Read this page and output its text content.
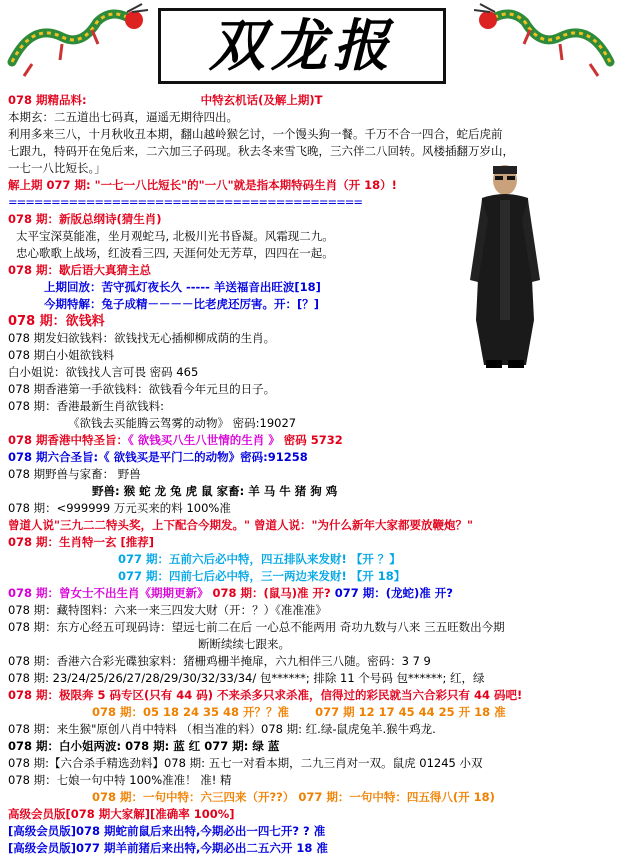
双龙报
078 期精品料:	中特玄机话(及解上期)T
本期玄：二五道出七码真，逼遥无期待四出。
利用多来三八，十月秋收丑本期，翻山越岭猴乞讨，一个馒头狗一餐。千万不合一四合，蛇后虎前
七跟九，特码开在兔后来，二六加三子码现。秋去冬来雪飞晚，三六伴二八回转。风楼插翻万岁山，
一七一八比短长。」
解上期 077 期: "一七一八比短长"的"一八"就是指本期特码生肖（开 18）!
=========================================
078 期：新版总纲诗(猜生肖)
太平宝深莫能准，坐月观蛇马, 北极川光书昏凝。风霜现二九。
忠心歌歌上战场，红波看三四, 天涯何处无芳草，四四在一起。
078 期：歇后语大真猜主总
上期回放：苦守孤灯夜长久 ----- 羊送福音出旺波[18]
今期特解：兔子成精－－－－比老虎还厉害。开：[？]
078 期：欲钱料
078 期发妇欲钱料：欲钱找无心插柳柳成荫的生肖。
078 期白小姐欲钱料
白小姐说：欲钱找人言可畏 密码 465
078 期香港第一手欲钱料：欲钱看今年元旦的日子。
078 期：香港最新生肖欲钱料:
《欲钱去买能腾云驾雾的动物》 密码:19027
078 期香港中特圣旨：《 欲钱买八生八世情的生肖 》 密码 5732
078 期六合圣旨:《 欲钱买是平门二的动物》密码:91258
078 期野兽与家畜： 野兽
野兽: 猴 蛇 龙 兔 虎 鼠 家畜: 羊 马 牛 猪 狗 鸡
078 期：<999999 万元买来的料 100%准
曾道人说"三九二二特头奖，上下配合今期发。" 曾道人说："为什么新年大家都要放鞭炮？"
078 期：生肖特一玄 [推荐]
077 期：五前六后必中特，四五排队来发财! 【开 ？】
077 期：四前七后必中特，三一两边来发财! 【开 18】
078 期：曾女士不出生肖《期期更新》 078 期：(鼠马)准 开? 077 期：(龙蛇)准 开?
078 期：藏特图料：六来一来三四发大财（开：？）《准准准》
078 期：东方心经五可现码诗：望远七前二在后 一心总不能两用 奇功九数与八来 三五旺数出今期
断断续续七跟来。
078 期：香港六合彩光碟独家料：猪栅鸡栅半掩扉，六九相伴三八随。密码：3 7 9
078 期: 23/24/25/26/27/28/29/30/32/33/34/ 包******; 排除 11 个号码 包******; 红，绿
078 期：极限奔 5 码专区(只有 44 码) 不来杀多只求杀准，信得过的彩民就当六合彩只有 44 码吧!
078 期：05 18 24 35 48 开？？准 077 期 12 17 45 44 25 开 18 准
078 期：来生猴"原创八肖中特料 （相当准的料）078 期: 红.绿-鼠虎兔羊.猴牛鸡龙.
078 期：白小姐两波: 078 期: 蓝 红 077 期: 绿 蓝
078 期:【六合杀手精选劲料】078 期: 五七一对看本期，二九三肖对一双。鼠虎 01245 小双
078 期：七娘一句中特 100%准准！ 准! 精
078 期：一句中特：六三四来（开??） 077 期：一句中特：四五得八(开 18)
高级会员版[078 期大家解][准确率 100%]
[高级会员版]078 期蛇前鼠后来出特,今期必出一四七开? ? 准
[高级会员版]077 期羊前猪后来出特,今期必出二五六开 18 准
